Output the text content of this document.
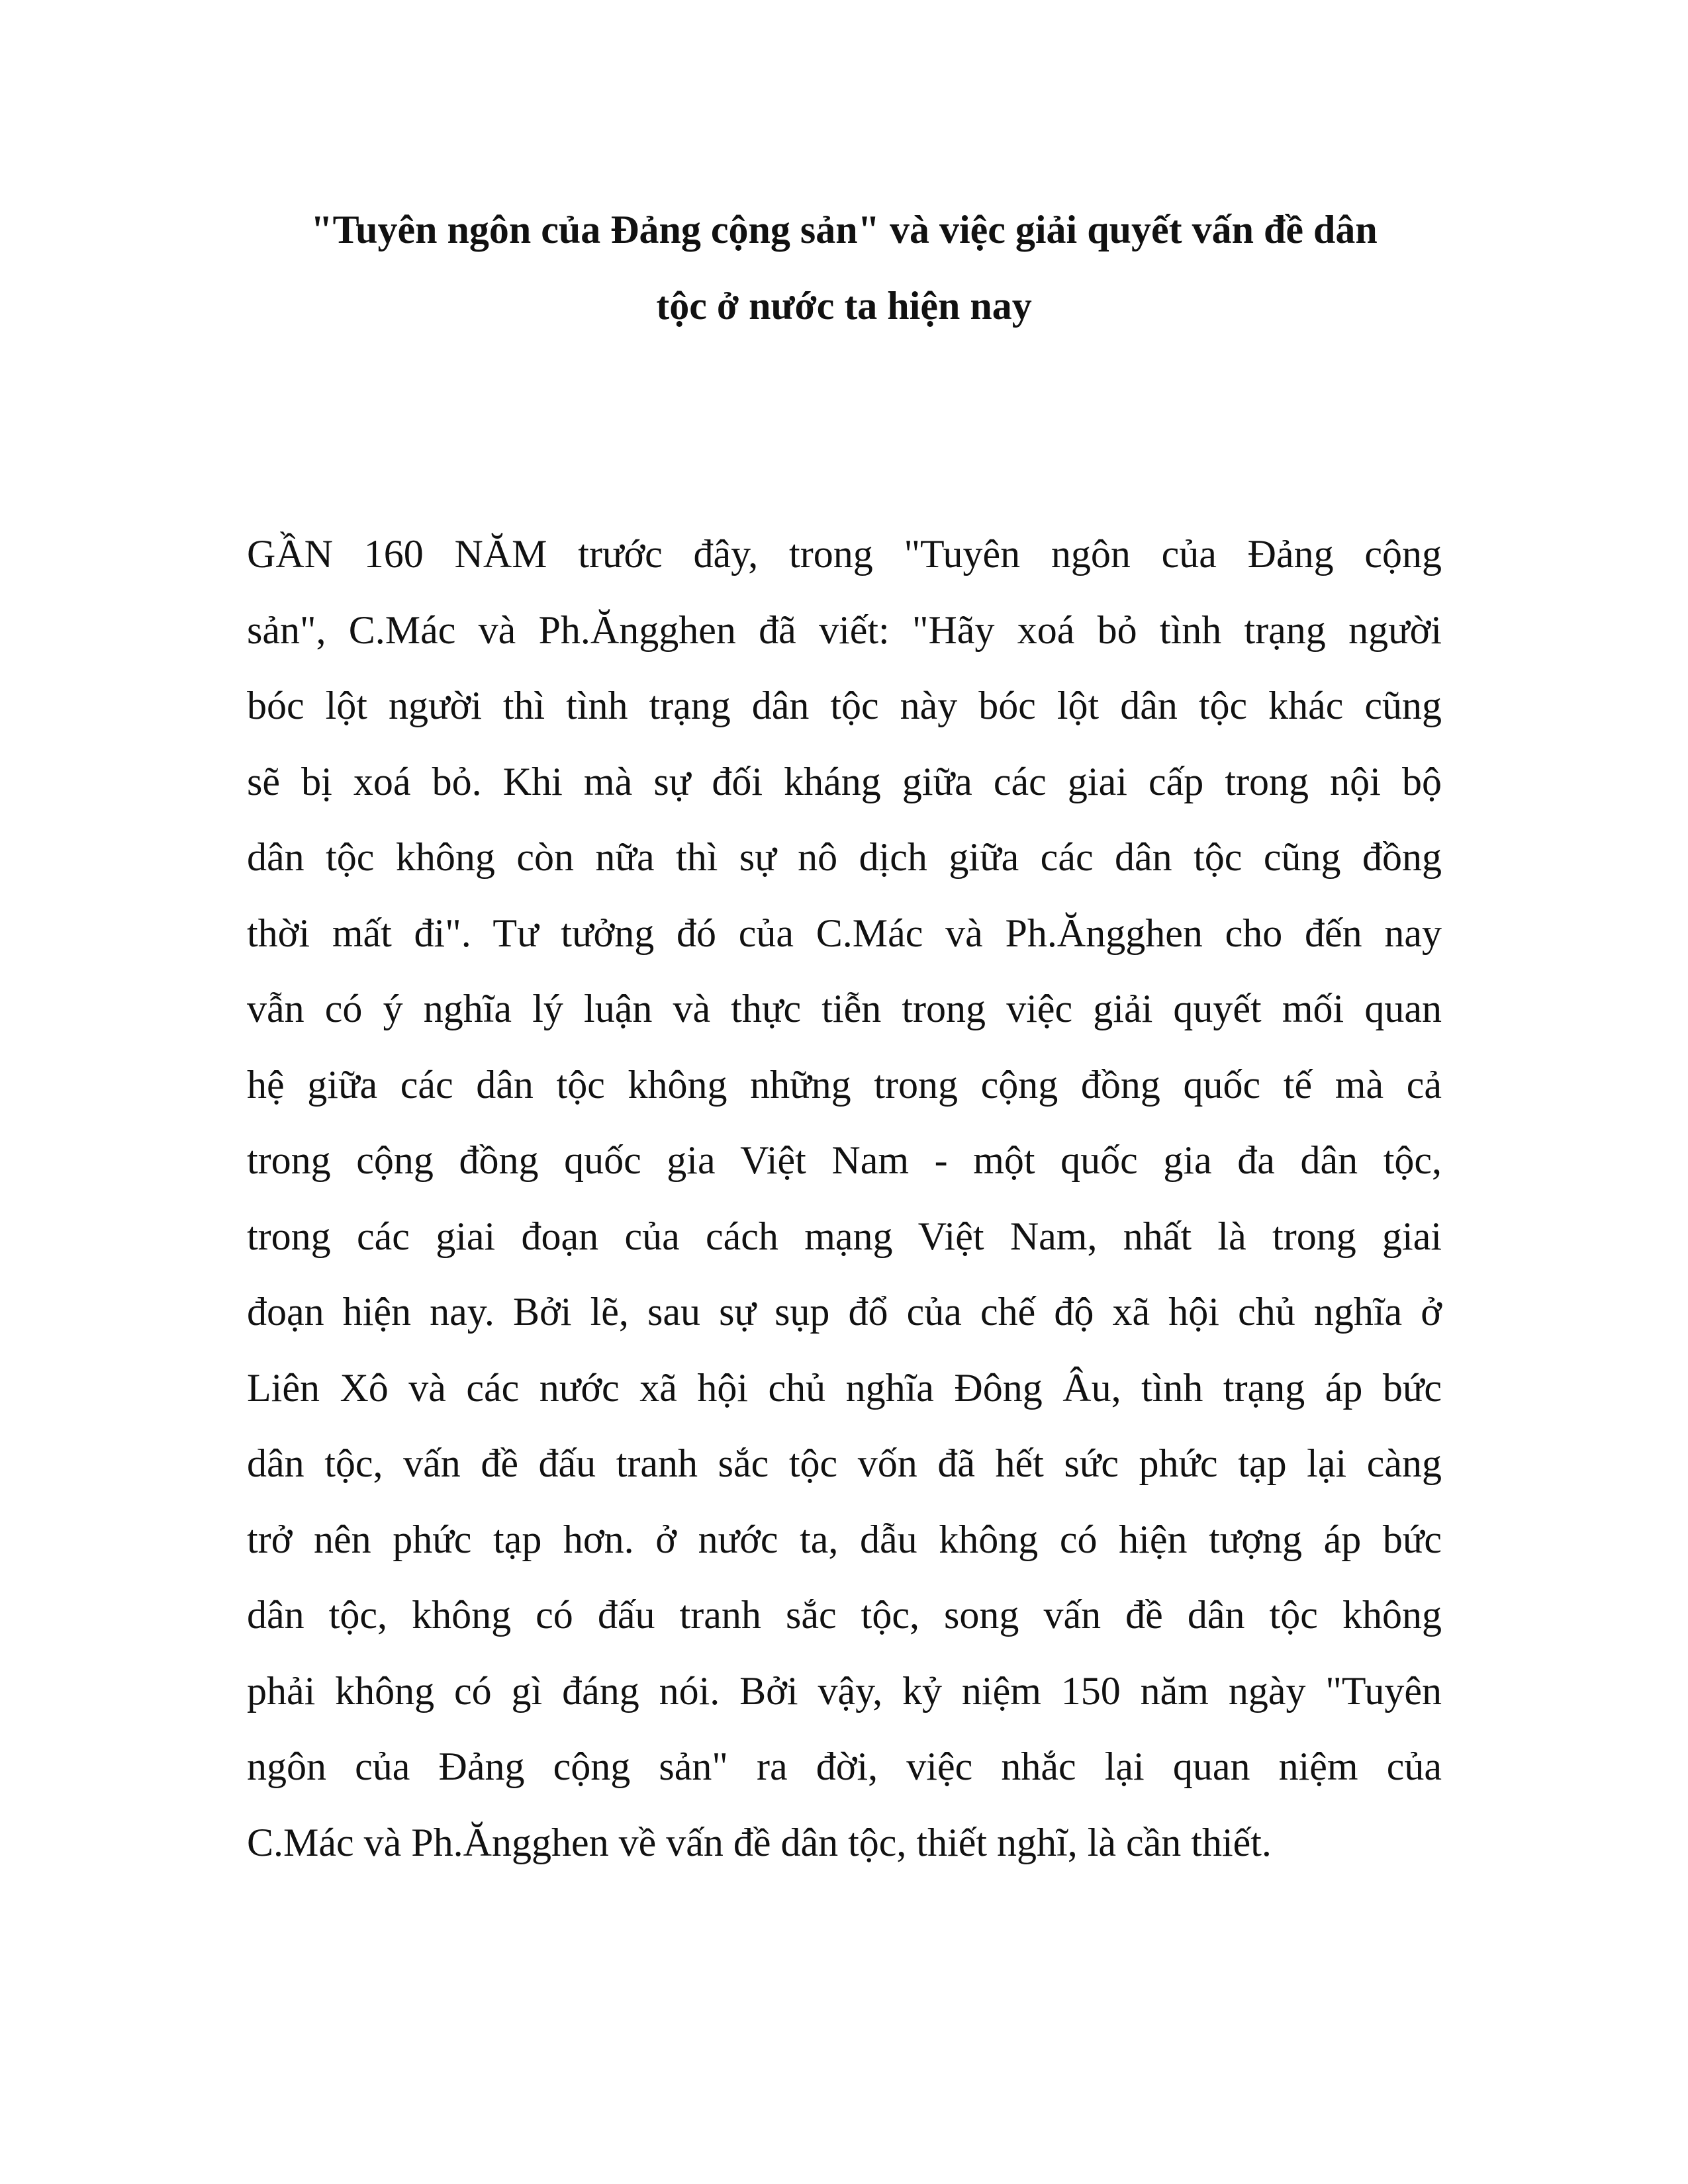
"Tuyên ngôn của Đảng cộng sản" và việc giải quyết vấn đề dân
tộc ở nước ta hiện nay
GẦN 160 NĂM trước đây, trong "Tuyên ngôn của Đảng cộng
sản", C.Mác và Ph.Ăngghen đã viết: "Hãy xoá bỏ tình trạng người
bóc lột người thì tình trạng dân tộc này bóc lột dân tộc khác cũng
sẽ bị xoá bỏ. Khi mà sự đối kháng giữa các giai cấp trong nội bộ
dân tộc không còn nữa thì sự nô dịch giữa các dân tộc cũng đồng
thời mất đi". Tư tưởng đó của C.Mác và Ph.Ăngghen cho đến nay
vẫn có ý nghĩa lý luận và thực tiễn trong việc giải quyết mối quan
hệ giữa các dân tộc không những trong cộng đồng quốc tế mà cả
trong cộng đồng quốc gia Việt Nam - một quốc gia đa dân tộc,
trong các giai đoạn của cách mạng Việt Nam, nhất là trong giai
đoạn hiện nay. Bởi lẽ, sau sự sụp đổ của chế độ xã hội chủ nghĩa ở
Liên Xô và các nước xã hội chủ nghĩa Đông Âu, tình trạng áp bức
dân tộc, vấn đề đấu tranh sắc tộc vốn đã hết sức phức tạp lại càng
trở nên phức tạp hơn. ở nước ta, dẫu không có hiện tượng áp bức
dân tộc, không có đấu tranh sắc tộc, song vấn đề dân tộc không
phải không có gì đáng nói. Bởi vậy, kỷ niệm 150 năm ngày "Tuyên
ngôn của Đảng cộng sản" ra đời, việc nhắc lại quan niệm của
C.Mác và Ph.Ăngghen về vấn đề dân tộc, thiết nghĩ, là cần thiết.
